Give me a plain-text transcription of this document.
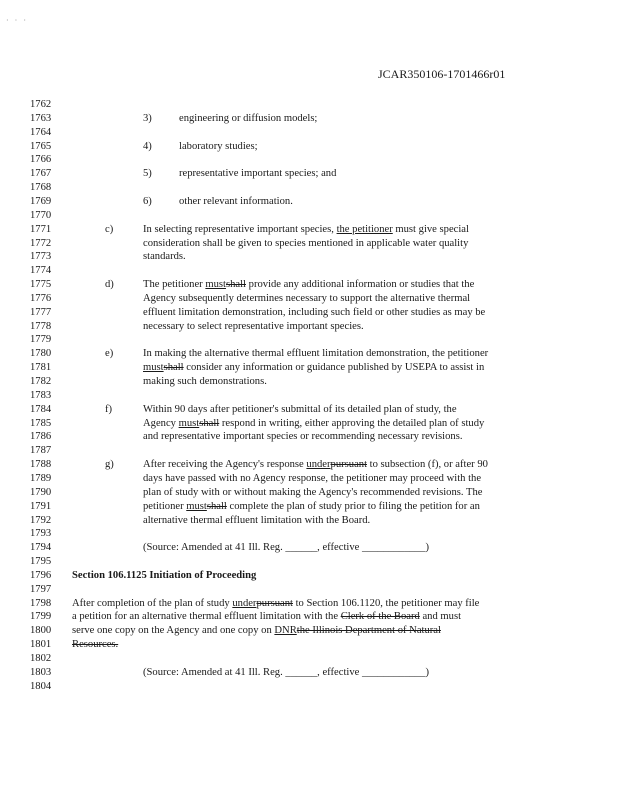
· · ·
JCAR350106-1701466r01
1762
1763	3)	engineering or diffusion models;
1764
1765	4)	laboratory studies;
1766
1767	5)	representative important species; and
1768
1769	6)	other relevant information.
1770
1771	c)	In selecting representative important species, the petitioner must give special
1772	consideration shall be given to species mentioned in applicable water quality
1773	standards.
1774
1775	d)	The petitioner mustshall provide any additional information or studies that the
1776	Agency subsequently determines necessary to support the alternative thermal
1777	effluent limitation demonstration, including such field or other studies as may be
1778	necessary to select representative important species.
1779
1780	e)	In making the alternative thermal effluent limitation demonstration, the petitioner
1781	mustshall consider any information or guidance published by USEPA to assist in
1782	making such demonstrations.
1783
1784	f)	Within 90 days after petitioner's submittal of its detailed plan of study, the
1785	Agency mustshall respond in writing, either approving the detailed plan of study
1786	and representative important species or recommending necessary revisions.
1787
1788	g)	After receiving the Agency's response underpursuant to subsection (f), or after 90
1789	days have passed with no Agency response, the petitioner may proceed with the
1790	plan of study with or without making the Agency's recommended revisions. The
1791	petitioner mustshall complete the plan of study prior to filing the petition for an
1792	alternative thermal effluent limitation with the Board.
1793
1794	(Source: Amended at 41 Ill. Reg. ______, effective ____________)
1795
1796	Section 106.1125 Initiation of Proceeding
1797
1798	After completion of the plan of study underpursuant to Section 106.1120, the petitioner may file
1799	a petition for an alternative thermal effluent limitation with the Clerk of the Board and must
1800	serve one copy on the Agency and one copy on DNRthe Illinois Department of Natural
1801	Resources.
1802
1803	(Source: Amended at 41 Ill. Reg. ______, effective ____________)
1804
